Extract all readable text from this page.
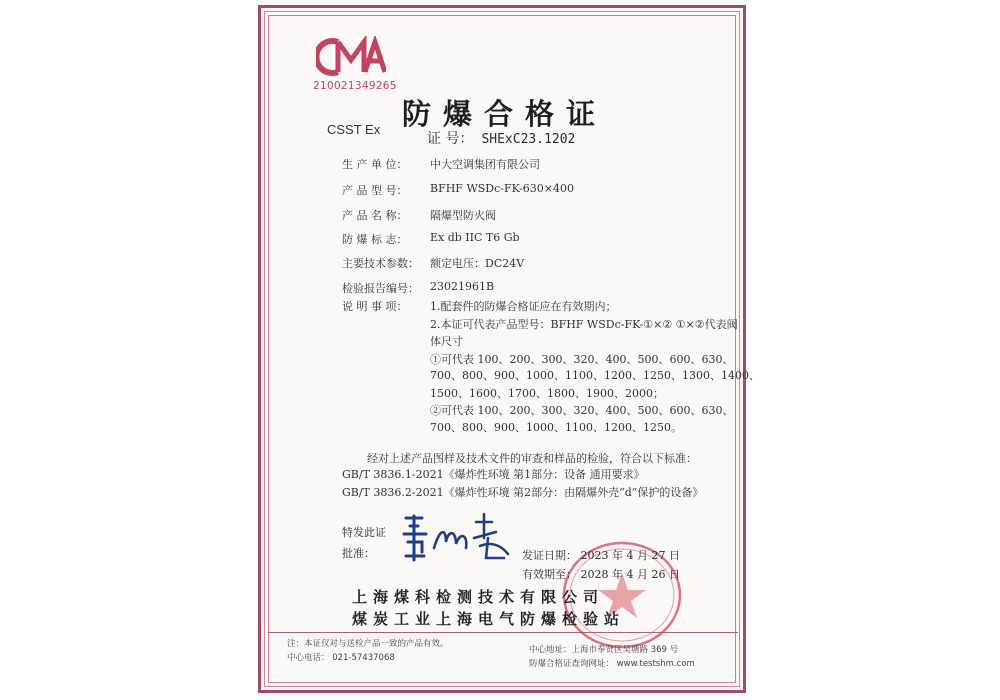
210021349265
CSST Ex 防爆合格证
证 号： SHExC23.1202
生 产 单 位： 中大空调集团有限公司
产 品 型 号： BFHF WSDc-FK-630×400
产 品 名 称： 隔爆型防火阀
防 爆 标 志： Ex db IIC T6 Gb
主要技术参数： 额定电压：DC24V
检验报告编号： 23021961B
说 明 事 项： 1.配套件的防爆合格证应在有效期内；
2.本证可代表产品型号：BFHF WSDc-FK-①×② ①×②代表阀
体尺寸
①可代表 100、200、300、320、400、500、600、630、
700、800、900、1000、1100、1200、1250、1300、1400、
1500、1600、1700、1800、1900、2000；
②可代表 100、200、300、320、400、500、600、630、
700、800、900、1000、1100、1200、1250。
经对上述产品图样及技术文件的审查和样品的检验，符合以下标准：
GB/T 3836.1-2021《爆炸性环境 第1部分：设备 通用要求》
GB/T 3836.2-2021《爆炸性环境 第2部分：由隔爆外壳“d”保护的设备》
特发此证
批准：	发证日期： 2023 年 4 月 27 日
有效期至： 2028 年 4 月 26 日
上海煤科检测技术有限公司
煤炭工业上海电气防爆检验站
注：本证仅对与送检产品一致的产品有效。
中心电话： 021-57437068
中心地址：上海市奉贤区吴塘路 369 号
防爆合格证查询网址： www.testshm.com
